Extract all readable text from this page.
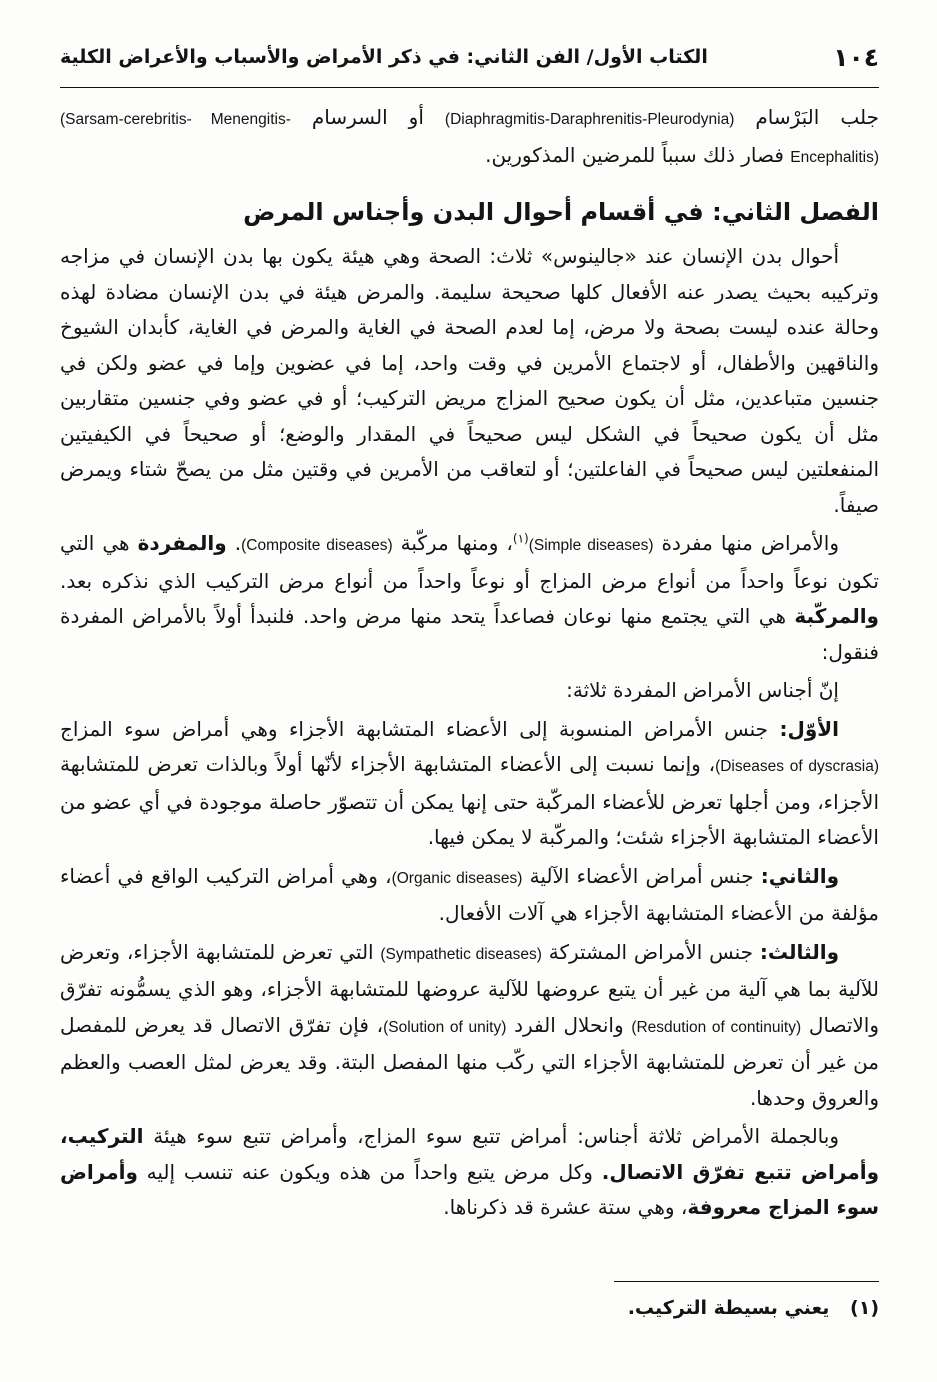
١٠٤
الكتاب الأول/ الفن الثاني: في ذكر الأمراض والأسباب والأعراض الكلية

جلب البَرْسام (Diaphragmitis-Daraphrenitis-Pleurodynia) أو السرسام (Sarsam-cerebritis- Menengitis-Encephalitis) فصار ذلك سبباً للمرضين المذكورين.

الفصل الثاني: في أقسام أحوال البدن وأجناس المرض

أحوال بدن الإنسان عند «جالينوس» ثلاث: الصحة وهي هيئة يكون بها بدن الإنسان في مزاجه وتركيبه بحيث يصدر عنه الأفعال كلها صحيحة سليمة. والمرض هيئة في بدن الإنسان مضادة لهذه وحالة عنده ليست بصحة ولا مرض، إما لعدم الصحة في الغاية والمرض في الغاية، كأبدان الشيوخ والناقهين والأطفال، أو لاجتماع الأمرين في وقت واحد، إما في عضوين وإما في عضو ولكن في جنسين متباعدين، مثل أن يكون صحيح المزاج مريض التركيب؛ أو في عضو وفي جنسين متقاربين مثل أن يكون صحيحاً في الشكل ليس صحيحاً في المقدار والوضع؛ أو صحيحاً في الكيفيتين المنفعلتين ليس صحيحاً في الفاعلتين؛ أو لتعاقب من الأمرين في وقتين مثل من يصحّ شتاء ويمرض صيفاً.

والأمراض منها مفردة (Simple diseases)$^{(١)}$، ومنها مركّبة (Composite diseases). والمفردة هي التي تكون نوعاً واحداً من أنواع مرض المزاج أو نوعاً واحداً من أنواع مرض التركيب الذي نذكره بعد. والمركّبة هي التي يجتمع منها نوعان فصاعداً يتحد منها مرض واحد. فلنبدأ أولاً بالأمراض المفردة فنقول:

إنّ أجناس الأمراض المفردة ثلاثة:

الأوّل: جنس الأمراض المنسوبة إلى الأعضاء المتشابهة الأجزاء وهي أمراض سوء المزاج (Diseases of dyscrasia)، وإنما نسبت إلى الأعضاء المتشابهة الأجزاء لأنّها أولاً وبالذات تعرض للمتشابهة الأجزاء، ومن أجلها تعرض للأعضاء المركّبة حتى إنها يمكن أن تتصوّر حاصلة موجودة في أي عضو من الأعضاء المتشابهة الأجزاء شئت؛ والمركّبة لا يمكن فيها.

والثاني: جنس أمراض الأعضاء الآلية (Organic diseases)، وهي أمراض التركيب الواقع في أعضاء مؤلفة من الأعضاء المتشابهة الأجزاء هي آلات الأفعال.

والثالث: جنس الأمراض المشتركة (Sympathetic diseases) التي تعرض للمتشابهة الأجزاء، وتعرض للآلية بما هي آلية من غير أن يتبع عروضها للآلية عروضها للمتشابهة الأجزاء، وهو الذي يسمُّونه تفرّق والاتصال (Resdution of continuity) وانحلال الفرد (Solution of unity)، فإن تفرّق الاتصال قد يعرض للمفصل من غير أن تعرض للمتشابهة الأجزاء التي ركّب منها المفصل البتة. وقد يعرض لمثل العصب والعظم والعروق وحدها.

وبالجملة الأمراض ثلاثة أجناس: أمراض تتبع سوء المزاج، وأمراض تتبع سوء هيئة التركيب، وأمراض تتبع تفرّق الاتصال. وكل مرض يتبع واحداً من هذه ويكون عنه تنسب إليه وأمراض سوء المزاج معروفة، وهي ستة عشرة قد ذكرناها.

(١) يعني بسيطة التركيب.
